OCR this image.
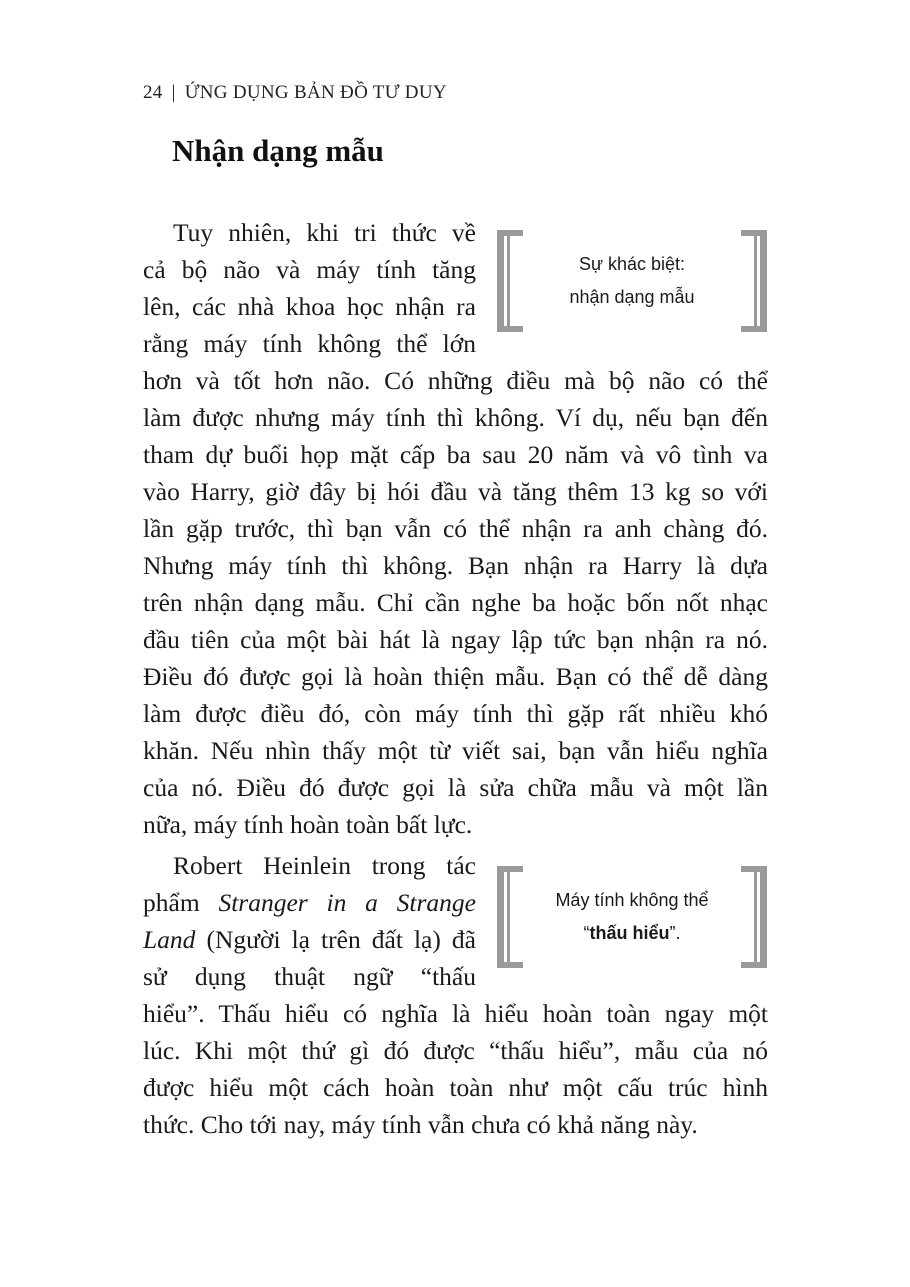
24 | ỨNG DỤNG BẢN ĐỒ TƯ DUY
Nhận dạng mẫu
Tuy nhiên, khi tri thức về
cả bộ não và máy tính tăng
lên, các nhà khoa học nhận ra
rằng máy tính không thể lớn
Sự khác biệt:
nhận dạng mẫu
hơn và tốt hơn não. Có những điều mà bộ não có thể
làm được nhưng máy tính thì không. Ví dụ, nếu bạn đến
tham dự buổi họp mặt cấp ba sau 20 năm và vô tình va
vào Harry, giờ đây bị hói đầu và tăng thêm 13 kg so với
lần gặp trước, thì bạn vẫn có thể nhận ra anh chàng đó.
Nhưng máy tính thì không. Bạn nhận ra Harry là dựa
trên nhận dạng mẫu. Chỉ cần nghe ba hoặc bốn nốt nhạc
đầu tiên của một bài hát là ngay lập tức bạn nhận ra nó.
Điều đó được gọi là hoàn thiện mẫu. Bạn có thể dễ dàng
làm được điều đó, còn máy tính thì gặp rất nhiều khó
khăn. Nếu nhìn thấy một từ viết sai, bạn vẫn hiểu nghĩa
của nó. Điều đó được gọi là sửa chữa mẫu và một lần
nữa, máy tính hoàn toàn bất lực.
Robert Heinlein trong tác
phẩm Stranger in a Strange
Land (Người lạ trên đất lạ) đã
sử dụng thuật ngữ “thấu
Máy tính không thể
“thấu hiểu”.
hiểu”. Thấu hiểu có nghĩa là hiểu hoàn toàn ngay một
lúc. Khi một thứ gì đó được “thấu hiểu”, mẫu của nó
được hiểu một cách hoàn toàn như một cấu trúc hình
thức. Cho tới nay, máy tính vẫn chưa có khả năng này.
